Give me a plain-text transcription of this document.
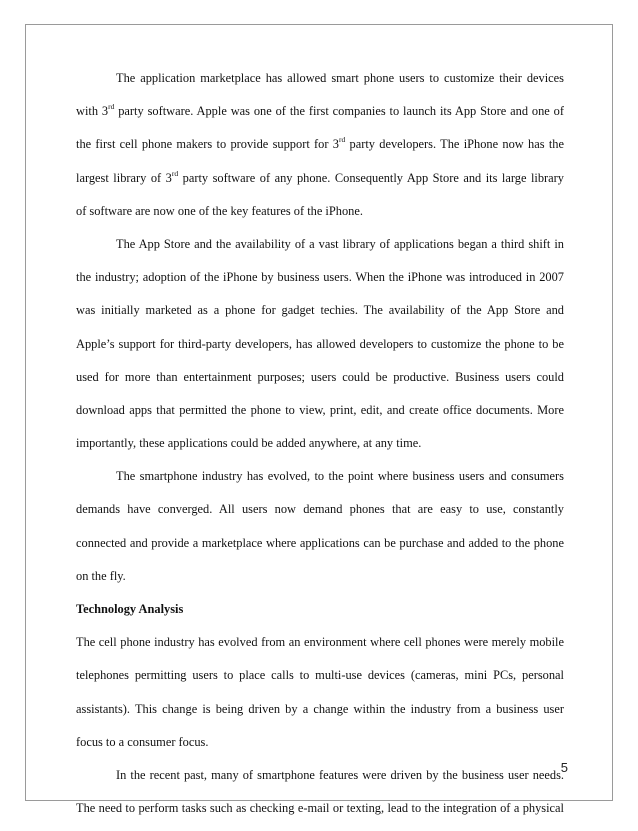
The application marketplace has allowed smart phone users to customize their devices
with 3rd party software. Apple was one of the first companies to launch its App Store and one of
the first cell phone makers to provide support for 3rd party developers. The iPhone now has the
largest library of 3rd party software of any phone. Consequently App Store and its large library
of software are now one of the key features of the iPhone.
The App Store and the availability of a vast library of applications began a third shift in
the industry; adoption of the iPhone by business users. When the iPhone was introduced in 2007
was initially marketed as a phone for gadget techies. The availability of the App Store and
Apple’s support for third-party developers, has allowed developers to customize the phone to be
used for more than entertainment purposes; users could be productive. Business users could
download apps that permitted the phone to view, print, edit, and create office documents. More
importantly, these applications could be added anywhere, at any time.
The smartphone industry has evolved, to the point where business users and consumers
demands have converged. All users now demand phones that are easy to use, constantly
connected and provide a marketplace where applications can be purchase and added to the phone
on the fly.
Technology Analysis
The cell phone industry has evolved from an environment where cell phones were merely mobile
telephones permitting users to place calls to multi-use devices (cameras, mini PCs, personal
assistants). This change is being driven by a change within the industry from a business user
focus to a consumer focus.
In the recent past, many of smartphone features were driven by the business user needs.
The need to perform tasks such as checking e-mail or texting, lead to the integration of a physical
5
